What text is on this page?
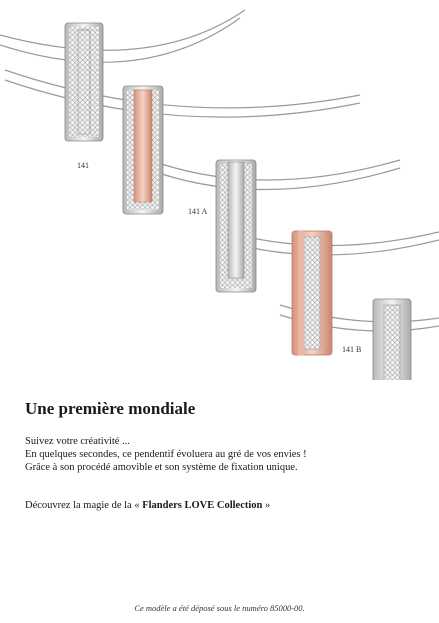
141
141 A
141 B
Une première mondiale

Suivez votre créativité ...

En quelques secondes, ce pendentif évoluera au gré de vos envies !

Grâce à son procédé amovible et son système de fixation unique.

Découvrez la magie de la « Flanders LOVE Collection »
Ce modèle a été déposé sous le numéro 85000-00.
